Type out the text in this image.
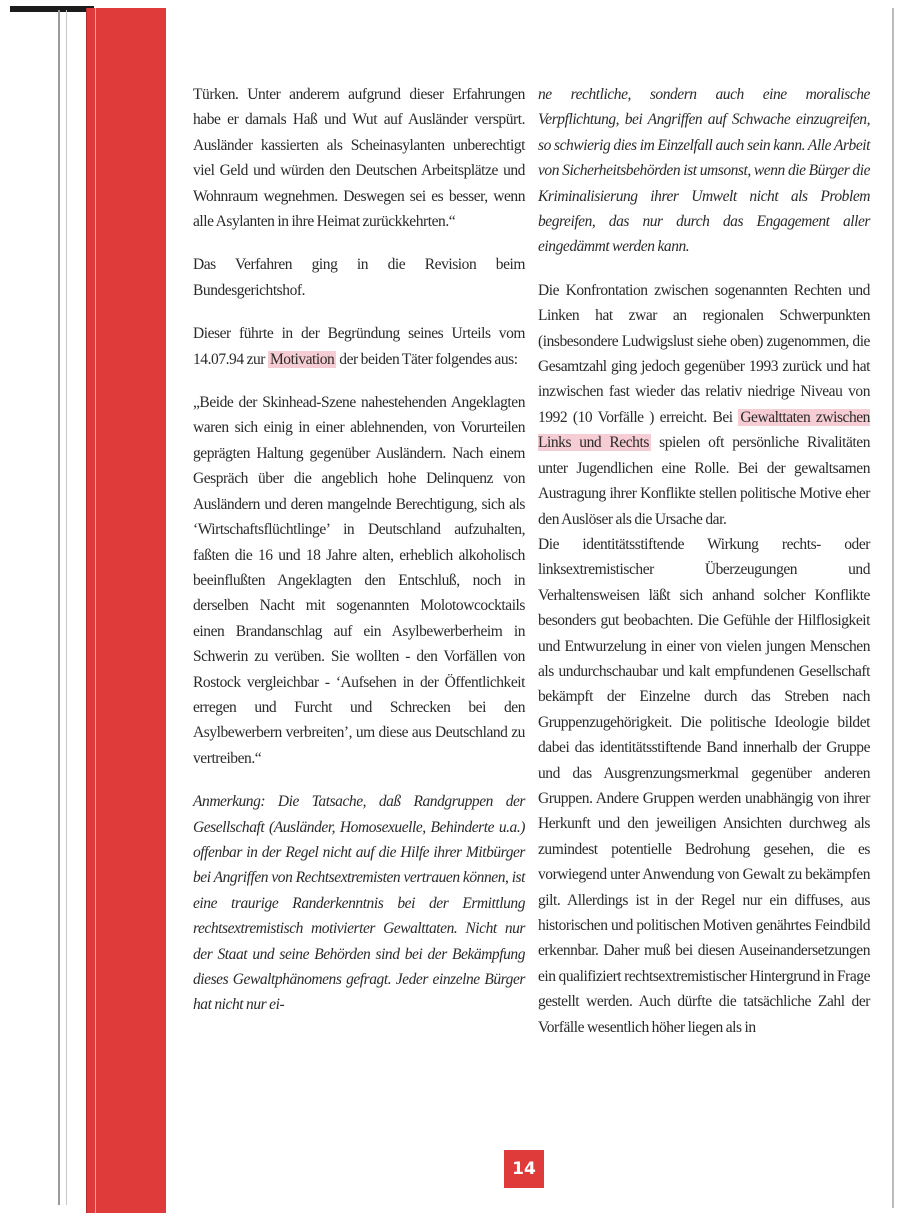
Türken. Unter anderem aufgrund dieser Erfahrungen habe er damals Haß und Wut auf Ausländer verspürt. Ausländer kassierten als Scheinasylanten unberechtigt viel Geld und würden den Deutschen Arbeitsplätze und Wohnraum wegnehmen. Deswegen sei es besser, wenn alle Asylanten in ihre Heimat zurückkehrten.“

Das Verfahren ging in die Revision beim Bundesgerichtshof.

Dieser führte in der Begründung seines Urteils vom 14.07.94 zur Motivation der beiden Täter folgendes aus:

„Beide der Skinhead-Szene nahestehenden Angeklagten waren sich einig in einer ablehnenden, von Vorurteilen geprägten Haltung gegenüber Ausländern. Nach einem Gespräch über die angeblich hohe Delinquenz von Ausländern und deren mangelnde Berechtigung, sich als ‘Wirtschaftsflüchtlinge’ in Deutschland aufzuhalten, faßten die 16 und 18 Jahre alten, erheblich alkoholisch beeinflußten Angeklagten den Entschluß, noch in derselben Nacht mit sogenannten Molotowcocktails einen Brandanschlag auf ein Asylbewerberheim in Schwerin zu verüben. Sie wollten - den Vorfällen von Rostock vergleichbar - ‘Aufsehen in der Öffentlichkeit erregen und Furcht und Schrecken bei den Asylbewerbern verbreiten’, um diese aus Deutschland zu vertreiben.“

Anmerkung: Die Tatsache, daß Randgruppen der Gesellschaft (Ausländer, Homosexuelle, Behinderte u.a.) offenbar in der Regel nicht auf die Hilfe ihrer Mitbürger bei Angriffen von Rechtsextremisten vertrauen können, ist eine traurige Randerkenntnis bei der Ermittlung rechtsextremistisch motivierter Gewalttaten. Nicht nur der Staat und seine Behörden sind bei der Bekämpfung dieses Gewaltphänomens gefragt. Jeder einzelne Bürger hat nicht nur ei-

ne rechtliche, sondern auch eine moralische Verpflichtung, bei Angriffen auf Schwache einzugreifen, so schwierig dies im Einzelfall auch sein kann. Alle Arbeit von Sicherheitsbehörden ist umsonst, wenn die Bürger die Kriminalisierung ihrer Umwelt nicht als Problem begreifen, das nur durch das Engagement aller eingedämmt werden kann.

Die Konfrontation zwischen sogenannten Rechten und Linken hat zwar an regionalen Schwerpunkten (insbesondere Ludwigslust siehe oben) zugenommen, die Gesamtzahl ging jedoch gegenüber 1993 zurück und hat inzwischen fast wieder das relativ niedrige Niveau von 1992 (10 Vorfälle ) erreicht. Bei Gewalttaten zwischen Links und Rechts spielen oft persönliche Rivalitäten unter Jugendlichen eine Rolle. Bei der gewaltsamen Austragung ihrer Konflikte stellen politische Motive eher den Auslöser als die Ursache dar.

Die identitätsstiftende Wirkung rechts- oder linksextremistischer Überzeugungen und Verhaltensweisen läßt sich anhand solcher Konflikte besonders gut beobachten. Die Gefühle der Hilflosigkeit und Entwurzelung in einer von vielen jungen Menschen als undurchschaubar und kalt empfundenen Gesellschaft bekämpft der Einzelne durch das Streben nach Gruppenzugehörigkeit. Die politische Ideologie bildet dabei das identitätsstiftende Band innerhalb der Gruppe und das Ausgrenzungsmerkmal gegenüber anderen Gruppen. Andere Gruppen werden unabhängig von ihrer Herkunft und den jeweiligen Ansichten durchweg als zumindest potentielle Bedrohung gesehen, die es vorwiegend unter Anwendung von Gewalt zu bekämpfen gilt. Allerdings ist in der Regel nur ein diffuses, aus historischen und politischen Motiven genährtes Feindbild erkennbar. Daher muß bei diesen Auseinandersetzungen ein qualifiziert rechtsextremistischer Hintergrund in Frage gestellt werden. Auch dürfte die tatsächliche Zahl der Vorfälle wesentlich höher liegen als in

14
